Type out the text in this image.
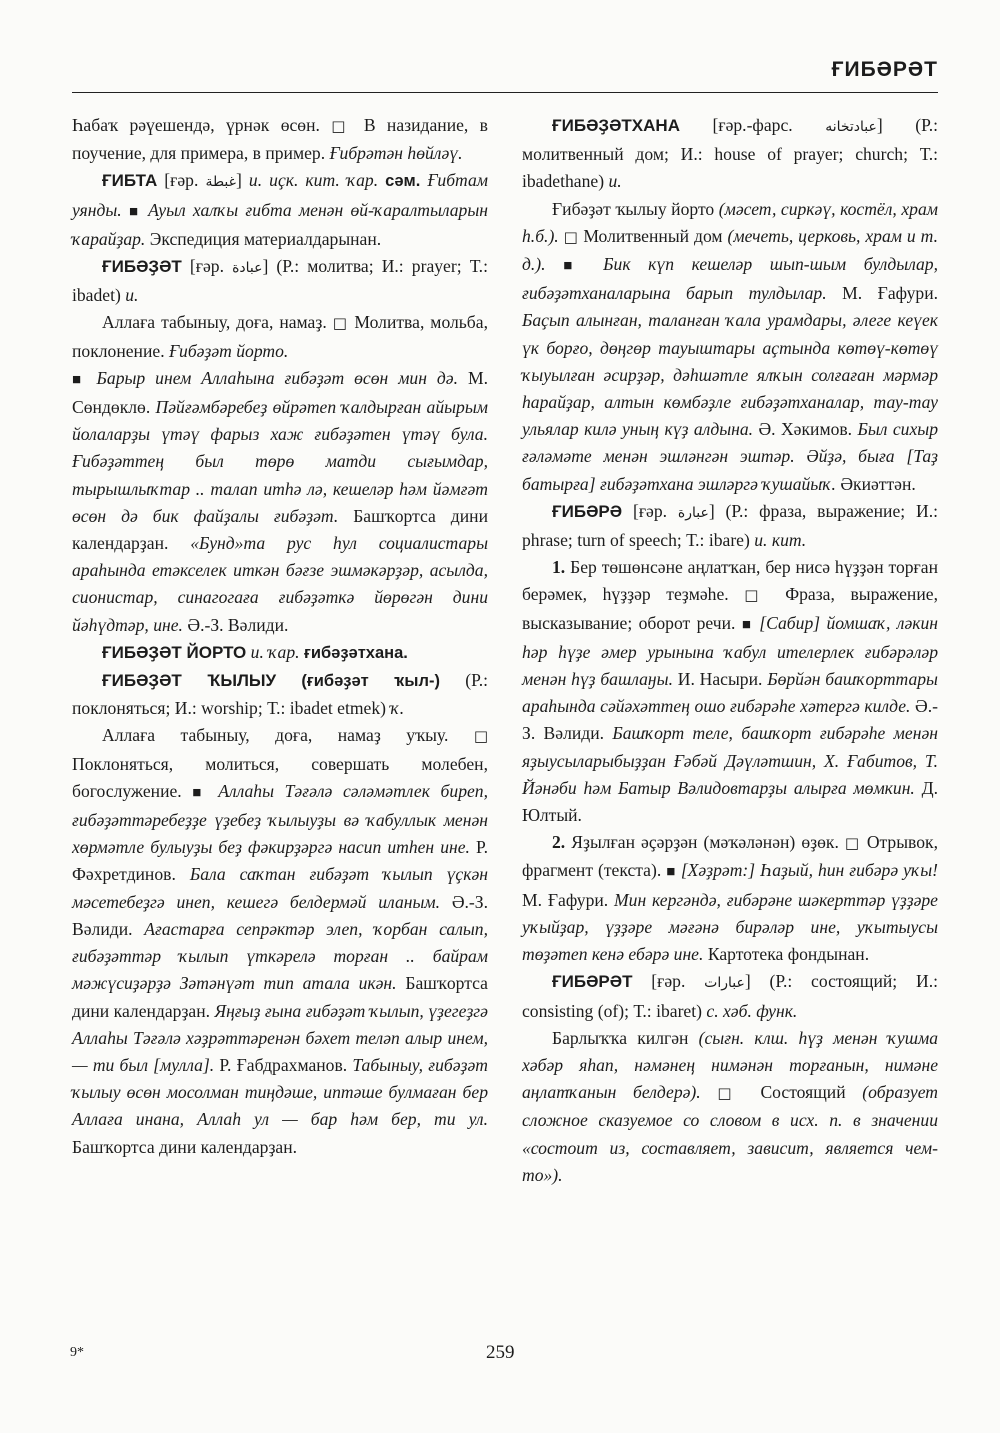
ҒИБӘРӘТ

Һабаҡ рәүешендә, үрнәк өсөн. □ В назидание, в поучение, для примера, в пример. Ғибрәтән һөйләү.

ҒИБТА [ғәр. غبطة] и. иҫк. кит. ҡар. сәм. Ғибтам уянды. ■ Ауыл халҡы ғибта менән өй-ҡаралтыларын ҡарайҙар. Экспедиция материалдарынан.

ҒИБӘҘӘТ [ғәр. عبادة] (Р.: молитва; И.: prayer; Т.: ibadet) и.

Аллаға табыныу, доға, намаҙ. □ Молитва, мольба, поклонение. Ғибәҙәт йорто.

■ Барыр инем Аллаһына ғибәҙәт өсөн мин дә. М. Сөндөклө. Пәйғәмбәребеҙ өйрәтеп ҡалдырған айырым йолаларҙы үтәү фарыз хаж ғибәҙәтен үтәү була. Ғибәҙәттең был төрө матди сығымдар, тырышлыҡтар .. талап итһә лә, кешеләр һәм йәмғәт өсөн дә бик файҙалы ғибәҙәт. Башҡортса дини календарҙан. «Бунд»та рус һул социалистары араһында етәкселек иткән бәғзе эшмәкәрҙәр, асылда, сионистар, синагогаға ғибәҙәткә йөрөгән дини йәһүдтәр, ине. Ә.-З. Вәлиди.

ҒИБӘҘӘТ ЙОРТО и. ҡар. ғибәҙәтхана.

ҒИБӘҘӘТ ҠЫЛЫУ (ғибәҙәт ҡыл-) (Р.: поклоняться; И.: worship; Т.: ibadet etmek) ҡ.

Аллаға табыныу, доға, намаҙ уҡыу. □ Поклоняться, молиться, совершать молебен, богослужение. ■ Аллаһы Тәғәлә сәләмәтлек биреп, ғибәҙәттәребеҙҙе үҙебеҙ ҡылыуҙы вә ҡабуллык менән хөрмәтле булыуҙы беҙ фәкирҙәргә насип итһен ине. Р. Фәхретдинов. Бала саҡтан ғибәҙәт ҡылып үҫкән мәсетебеҙгә инеп, кешегә белдермәй иланым. Ә.-З. Вәлиди. Ағастарға сепрәктәр элеп, ҡорбан салып, ғибәҙәттәр ҡылып үткәрелә торған .. байрам мәжүсиҙәрҙә Зәтәнүәт тип атала икән. Башҡортса дини календарҙан. Яңғыҙ ғына ғибәҙәт ҡылып, үҙегеҙгә Аллаһы Тәғәлә хәҙрәттәренән бәхет теләп алыр инем, — ти был [мулла]. Р. Ғабдрахманов. Табыныу, ғибәҙәт ҡылыу өсөн мосолман тиңдәше, иптәше булмаған бер Аллаға инана, Аллаһ ул — бар һәм бер, ти ул. Башҡортса дини календарҙан.

ҒИБӘҘӘТХАНА [ғәр.-фарс. عبادتخانه] (Р.: молитвенный дом; И.: house of prayer; church; Т.: ibadethane) и.

Ғибәҙәт ҡылыу йорто (мәсет, сиркәү, костёл, храм һ.б.). □ Молитвенный дом (мечеть, церковь, храм и т. д.). ■ Бик күп кешеләр шып-шым булдылар, ғибәҙәтханаларына барып тулдылар. М. Ғафури. Баҫып алынған, таланған ҡала урамдары, әлеге кеүек үк борғо, дөңгөр тауыштары аҫтында көтөү-көтөү ҡыуылған әсирҙәр, дәһшәтле ялҡын солғаған мәрмәр һарайҙар, алтын көмбәҙле ғибәҙәтханалар, тау-тау ульялар килә уның күҙ алдына. Ә. Хәкимов. Был сихыр ғәләмәте менән эшләнгән эштәр. Әйҙә, быға [Таҙ батырға] ғибәҙәтхана эшләргә ҡушайыҡ. Әкиәттән.

ҒИБӘРӘ [ғәр. عبارة] (Р.: фраза, выражение; И.: phrase; turn of speech; Т.: ibare) и. кит.

1. Бер төшөнсәне аңлатҡан, бер нисә һүҙҙән торған берәмек, һүҙҙәр теҙмәһе. □ Фраза, выражение, высказывание; оборот речи. ■ [Сабир] йомшаҡ, ләкин һәр һүҙе әмер урынына ҡабул ителерлек ғибәрәләр менән һүҙ башлаӈы. И. Насыри. Бөрйән башҡорттары араһында сәйәхәттең ошо ғибәрәһе хәтергә килде. Ә.-З. Вәлиди. Башҡорт теле, башҡорт ғибәрәһе менән яҙыусыларыбыҙҙан Ғәбәй Дәүләтшин, Х. Ғабитов, Т. Йәнәби һәм Батыр Вәлидовтарҙы алырға мөмкин. Д. Юлтый.

2. Яҙылған әҫәрҙән (мәҡәләнән) өҙөк. □ Отрывок, фрагмент (текста). ■ [Хәҙрәт:] Һаҙый, һин ғибәрә уҡы! М. Ғафури. Мин кергәндә, ғибәрәне шәкерттәр үҙҙәре уҡыйҙар, үҙҙәре мәғәнә бирәләр ине, уҡытыусы төҙәтеп кенә ебәрә ине. Картотека фондынан.

ҒИБӘРӘТ [ғәр. عبارات] (Р.: состоящий; И.: consisting (of); Т.: ibaret) с. хәб. функ.

Барлыҡҡа килгән (сығн. клш. һүҙ менән ҡушма хәбәр яһап, нәмәнең нимәнән торғанын, нимәне аңлатҡанын белдерә). □ Состоящий (образует сложное сказуемое со словом в исх. п. в значении «состоит из, составляет, зависит, является чем-то»).

9*	259
